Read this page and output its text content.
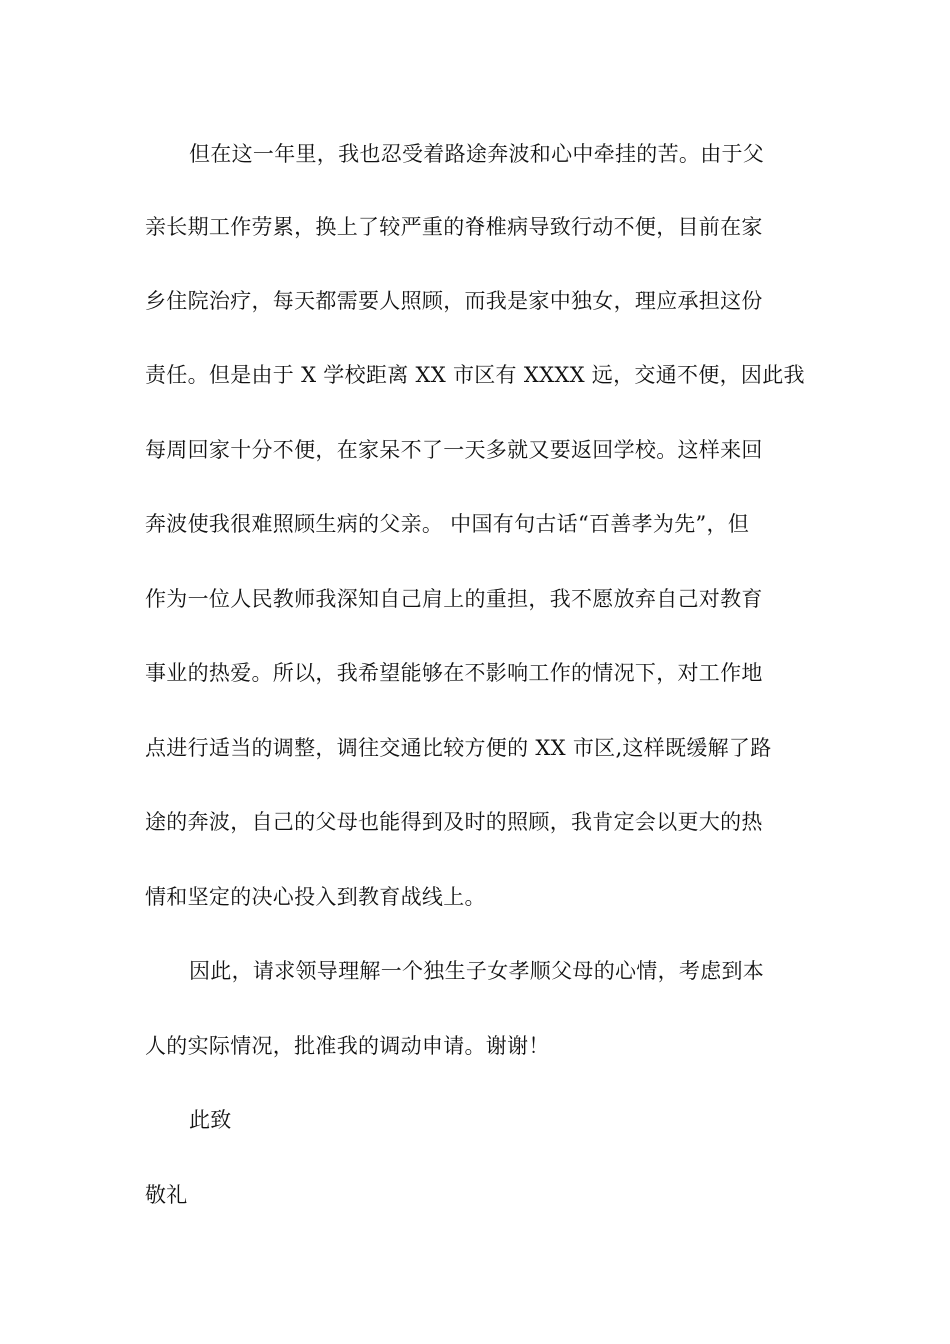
但在这一年里，我也忍受着路途奔波和心中牵挂的苦。由于父
亲长期工作劳累，换上了较严重的脊椎病导致行动不便，目前在家
乡住院治疗，每天都需要人照顾，而我是家中独女，理应承担这份
责任。但是由于 X 学校距离 XX 市区有 XXXX 远，交通不便，因此我
每周回家十分不便，在家呆不了一天多就又要返回学校。这样来回
奔波使我很难照顾生病的父亲。 中国有句古话“百善孝为先”，但
作为一位人民教师我深知自己肩上的重担，我不愿放弃自己对教育
事业的热爱。所以，我希望能够在不影响工作的情况下，对工作地
点进行适当的调整，调往交通比较方便的 XX 市区,这样既缓解了路
途的奔波，自己的父母也能得到及时的照顾，我肯定会以更大的热
情和坚定的决心投入到教育战线上。
因此，请求领导理解一个独生子女孝顺父母的心情，考虑到本
人的实际情况，批准我的调动申请。谢谢！
此致
敬礼
